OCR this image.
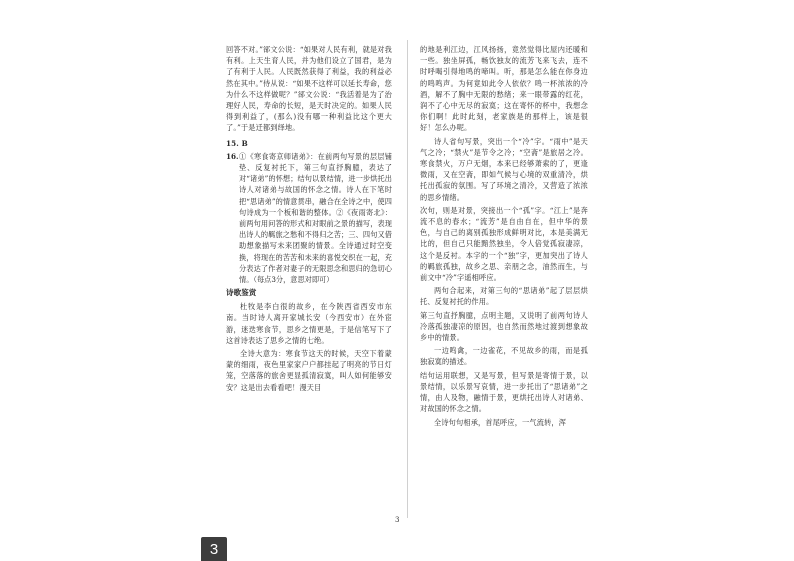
回答不对。”郤文公说：“如果对人民有利，就是对我有利。上天生育人民，并为他们设立了国君，是为了有利于人民。人民既然获得了利益，我的利益必然在其中。”侍从说：“如果不这样可以延长寿命，您为什么不这样做呢？”郤文公说：“我活着是为了治理好人民，寿命的长短，是天时决定的。如果人民得到利益了，(那么)没有哪一种利益比这个更大了。”于是迁都到绎地。

15. B

16. ①《寒食寄京师诸弟》：在前两句写景的层层铺垫、反复衬托下，第三句直抒胸臆，表达了对“诸弟”的怀想；结句以景结情，进一步烘托出诗人对诸弟与故国的怀念之情。诗人在下笔时把“思诸弟”的情意贯串，融合在全诗之中，使四句诗成为一个板和谐的整体。②《夜雨寄北》：前两句用问答的形式和对眼前之景的描写，表现出诗人的羁旅之愁和不得归之苦；三、四句又借助想象描写未来团聚的情景。全诗通过时空变换，将现在的苦苦和未来的喜悦交织在一起，充分表达了作者对妻子的无限思念和思归的急切心情。（每点3分，意思对即可）
诗歌鉴赏

杜牧是李白很的故乡，在今陕西省西安市东南。当时诗人离开家城长安（今西安市）在外宦游，迷迭寒食节，思乡之情更是，于是信笔写下了这首诗表达了思乡之情的七绝。

全诗大意为：寒食节这天的时候，天空下着蒙蒙的细雨，夜色里家家户户都挂起了明亮的节日灯笼，空落落的旅舍更显孤清寂寞，叫人如何能够安安？这是出去看看吧！漫天目

的地是利江边，江风扬扬，竟然觉得比屋内还暖和一些。独坐屏孤，畅饮独友的流芳飞来飞去，连不时呼喝引得地鸣的啼叫。听，那是怎么能在你身边的鸣鸣声。为何竟如此令人依依？鸣一杯浓浓的冷酒，解不了胸中无限的愁绪；来一眼带露的红花，润不了心中无尽的寂寞；这在寄怀的杯中，我想念你们啊！此时此刻，老家族是的那样上，该是很好！怎么办呢。

诗人省句写景，突出一个“冷”字。“雨中”是天气之冷；“禁火”是节令之冷；“空斋”是旅居之冷。寒食禁火，万户无烟，本来已经够萧索的了，更逢微雨，又在空斋，即如气候与心境的双重清冷，烘托出孤寂的氛围。写了环境之清冷，又营造了浓浓的思乡情绪。

次句，则是对景，突接出一个“孤”字。“江上”是奔流不息的春水；“流芳”是自由自在，但中华的景色，与自己的离别孤独形成鲜明对比，本是美满无比的，但自己只能黯然独坐，令人倍觉孤寂凄凉，这个是反衬。本字的一个“独”字，更加突出了诗人的羁旅孤独，故乡之思、亲朋之念，油然而生，与前文中“冷”字遥相呼应。

两句合起来，对第三句的“思诸弟”起了层层烘托、反复衬托的作用。

第三句直抒胸臆，点明主题，又说明了前两句诗人冷落孤独凄凉的原因，也自然而然地过渡到想象故乡中的情景。

一边鸣禽，一边雀花，不见故乡的雨，而是孤独寂寞的描述。

结句运用联想，又是写景，但写景是寄情于景，以景结情，以乐景写哀情，进一步托出了“思诸弟”之情，由人及物，融情于景，更烘托出诗人对诸弟、对故国的怀念之情。

全诗句句相承，首尾呼应，一气流转，浑

3
3
